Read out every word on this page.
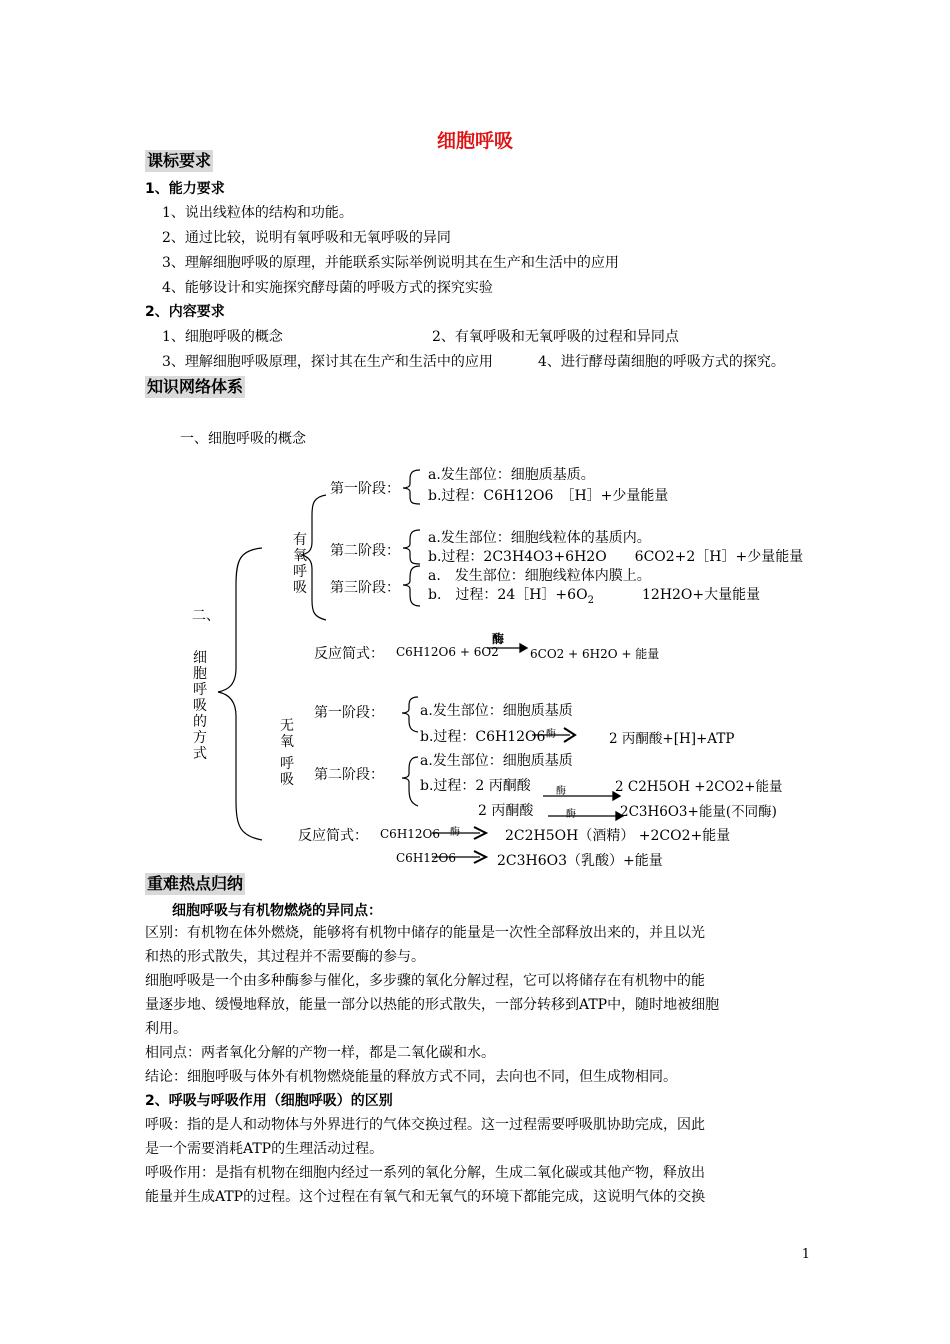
细胞呼吸
课标要求
1、能力要求
1、说出线粒体的结构和功能。
2、通过比较，说明有氧呼吸和无氧呼吸的异同
3、理解细胞呼吸的原理，并能联系实际举例说明其在生产和生活中的应用
4、能够设计和实施探究酵母菌的呼吸方式的探究实验
2、内容要求
1、细胞呼吸的概念	2、有氧呼吸和无氧呼吸的过程和异同点
3、理解细胞呼吸原理，探讨其在生产和生活中的应用	4、进行酵母菌细胞的呼吸方式的探究。
知识网络体系
一、细胞呼吸的概念
二、
细
胞
呼
吸
的
方
式
有
氧
呼
吸
第一阶段：
a.发生部位：细胞质基质。
b.过程：C6H12O6　［H］+少量能量
第二阶段：
a.发生部位：细胞线粒体的基质内。
b.过程：2C3H4O3+6H2O　　6CO2+2［H］+少量能量
第三阶段：
a.　发生部位：细胞线粒体内膜上。
b.　过程：$24[H]+6O_2$	12H2O+大量能量
反应简式： C6H12O6 + 6O2
酶
6CO2 + 6H2O + 能量
无
氧
呼
吸
第一阶段：	a.发生部位：细胞质基质
b.过程：C6H12O6 酶	2 丙酮酸+[H]+ATP
第二阶段：
a.发生部位：细胞质基质
b.过程：2 丙酮酸	酶	2 C2H5OH +2CO2+能量
2 丙酮酸	酶	2C3H6O3+能量(不同酶)
反应简式： C6H12O6 酶	2C2H5OH（酒精） +2CO2+能量
C6H12O6	2C3H6O3（乳酸）+能量
重难热点归纳
细胞呼吸与有机物燃烧的异同点：
区别：有机物在体外燃烧，能够将有机物中储存的能量是一次性全部释放出来的，并且以光
和热的形式散失，其过程并不需要酶的参与。
细胞呼吸是一个由多种酶参与催化，多步骤的氧化分解过程，它可以将储存在有机物中的能
量逐步地、缓慢地释放，能量一部分以热能的形式散失，一部分转移到ATP中，随时地被细胞
利用。
相同点：两者氧化分解的产物一样，都是二氧化碳和水。
结论：细胞呼吸与体外有机物燃烧能量的释放方式不同，去向也不同，但生成物相同。
2、呼吸与呼吸作用（细胞呼吸）的区别
呼吸：指的是人和动物体与外界进行的气体交换过程。这一过程需要呼吸肌协助完成，因此
是一个需要消耗ATP的生理活动过程。
呼吸作用：是指有机物在细胞内经过一系列的氧化分解，生成二氧化碳或其他产物，释放出
能量并生成ATP的过程。这个过程在有氧气和无氧气的环境下都能完成，这说明气体的交换
1
